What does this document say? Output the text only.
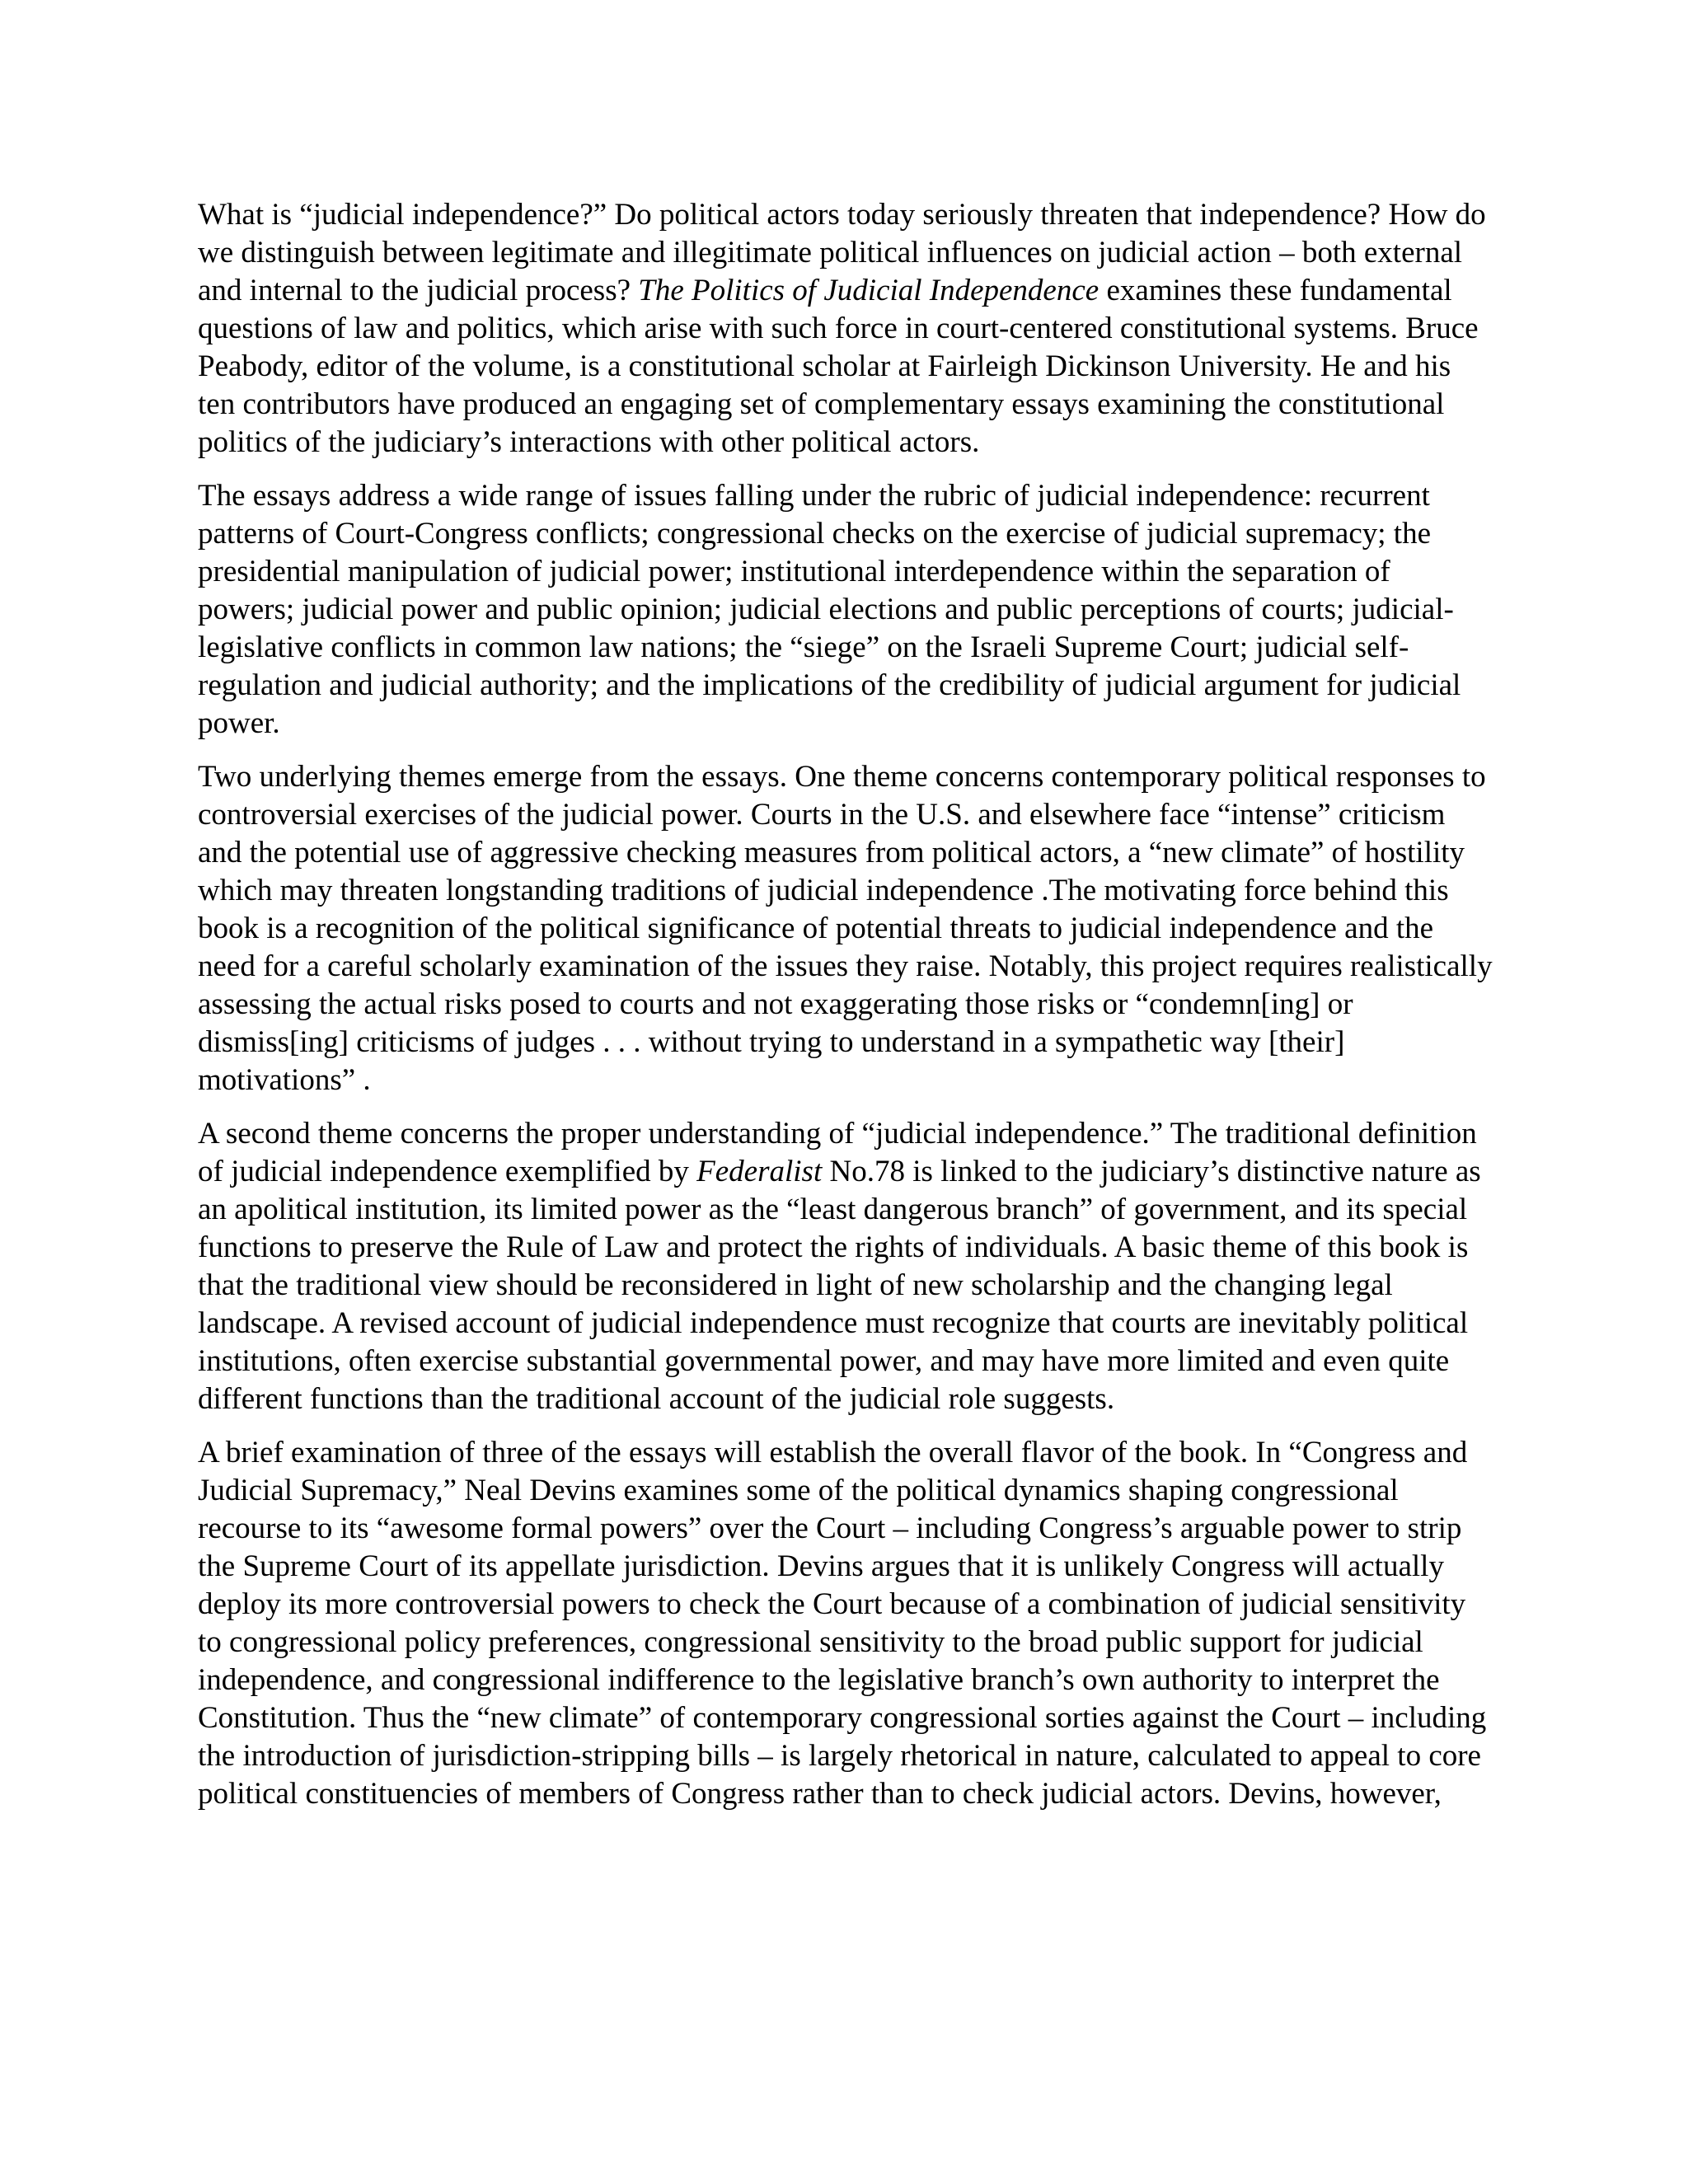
What is “judicial independence?” Do political actors today seriously threaten that independence? How do we distinguish between legitimate and illegitimate political influences on judicial action – both external and internal to the judicial process? The Politics of Judicial Independence examines these fundamental questions of law and politics, which arise with such force in court-centered constitutional systems. Bruce Peabody, editor of the volume, is a constitutional scholar at Fairleigh Dickinson University. He and his ten contributors have produced an engaging set of complementary essays examining the constitutional politics of the judiciary’s interactions with other political actors.

The essays address a wide range of issues falling under the rubric of judicial independence: recurrent patterns of Court-Congress conflicts; congressional checks on the exercise of judicial supremacy; the presidential manipulation of judicial power; institutional interdependence within the separation of powers; judicial power and public opinion; judicial elections and public perceptions of courts; judicial-legislative conflicts in common law nations; the “siege” on the Israeli Supreme Court; judicial self-regulation and judicial authority; and the implications of the credibility of judicial argument for judicial power.

Two underlying themes emerge from the essays. One theme concerns contemporary political responses to controversial exercises of the judicial power. Courts in the U.S. and elsewhere face “intense” criticism and the potential use of aggressive checking measures from political actors, a “new climate” of hostility which may threaten longstanding traditions of judicial independence .The motivating force behind this book is a recognition of the political significance of potential threats to judicial independence and the need for a careful scholarly examination of the issues they raise. Notably, this project requires realistically assessing the actual risks posed to courts and not exaggerating those risks or “condemn[ing] or dismiss[ing] criticisms of judges . . . without trying to understand in a sympathetic way [their] motivations” .

A second theme concerns the proper understanding of “judicial independence.” The traditional definition of judicial independence exemplified by Federalist No.78 is linked to the judiciary’s distinctive nature as an apolitical institution, its limited power as the “least dangerous branch” of government, and its special functions to preserve the Rule of Law and protect the rights of individuals. A basic theme of this book is that the traditional view should be reconsidered in light of new scholarship and the changing legal landscape. A revised account of judicial independence must recognize that courts are inevitably political institutions, often exercise substantial governmental power, and may have more limited and even quite different functions than the traditional account of the judicial role suggests.

A brief examination of three of the essays will establish the overall flavor of the book. In “Congress and Judicial Supremacy,” Neal Devins examines some of the political dynamics shaping congressional recourse to its “awesome formal powers” over the Court – including Congress’s arguable power to strip the Supreme Court of its appellate jurisdiction. Devins argues that it is unlikely Congress will actually deploy its more controversial powers to check the Court because of a combination of judicial sensitivity to congressional policy preferences, congressional sensitivity to the broad public support for judicial independence, and congressional indifference to the legislative branch’s own authority to interpret the Constitution. Thus the “new climate” of contemporary congressional sorties against the Court – including the introduction of jurisdiction-stripping bills – is largely rhetorical in nature, calculated to appeal to core political constituencies of members of Congress rather than to check judicial actors. Devins, however,
